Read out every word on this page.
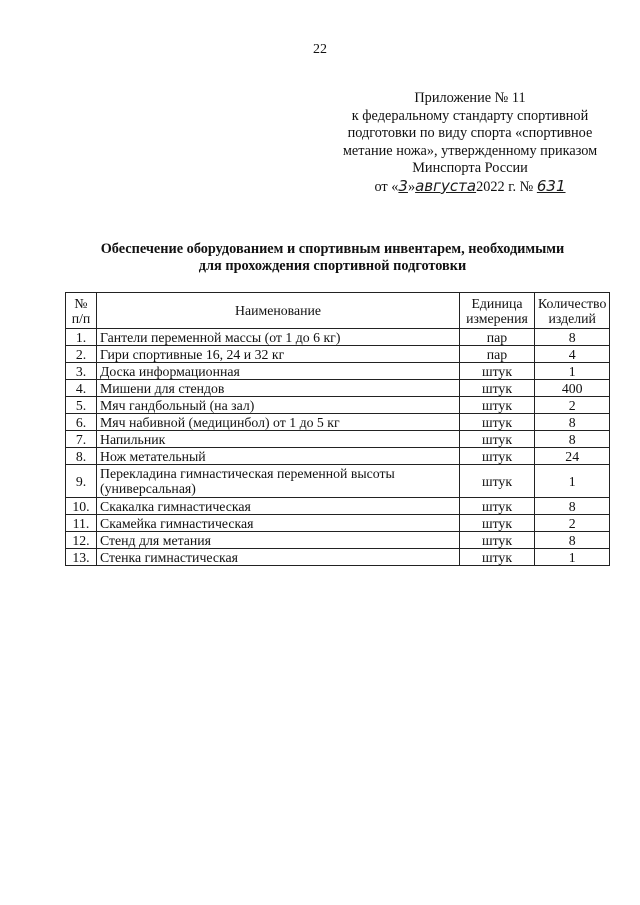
22
Приложение № 11
к федеральному стандарту спортивной
подготовки по виду спорта «спортивное
метание ножа», утвержденному приказом
Минспорта России
от «3»августа2022 г. № 631
Обеспечение оборудованием и спортивным инвентарем, необходимыми
для прохождения спортивной подготовки
№ п/п	Наименование	Единица измерения	Количество изделий
1.	Гантели переменной массы (от 1 до 6 кг)	пар	8
2.	Гири спортивные 16, 24 и 32 кг	пар	4
3.	Доска информационная	штук	1
4.	Мишени для стендов	штук	400
5.	Мяч гандбольный (на зал)	штук	2
6.	Мяч набивной (медицинбол) от 1 до 5 кг	штук	8
7.	Напильник	штук	8
8.	Нож метательный	штук	24
9.	Перекладина гимнастическая переменной высоты (универсальная)	штук	1
10.	Скакалка гимнастическая	штук	8
11.	Скамейка гимнастическая	штук	2
12.	Стенд для метания	штук	8
13.	Стенка гимнастическая	штук	1
